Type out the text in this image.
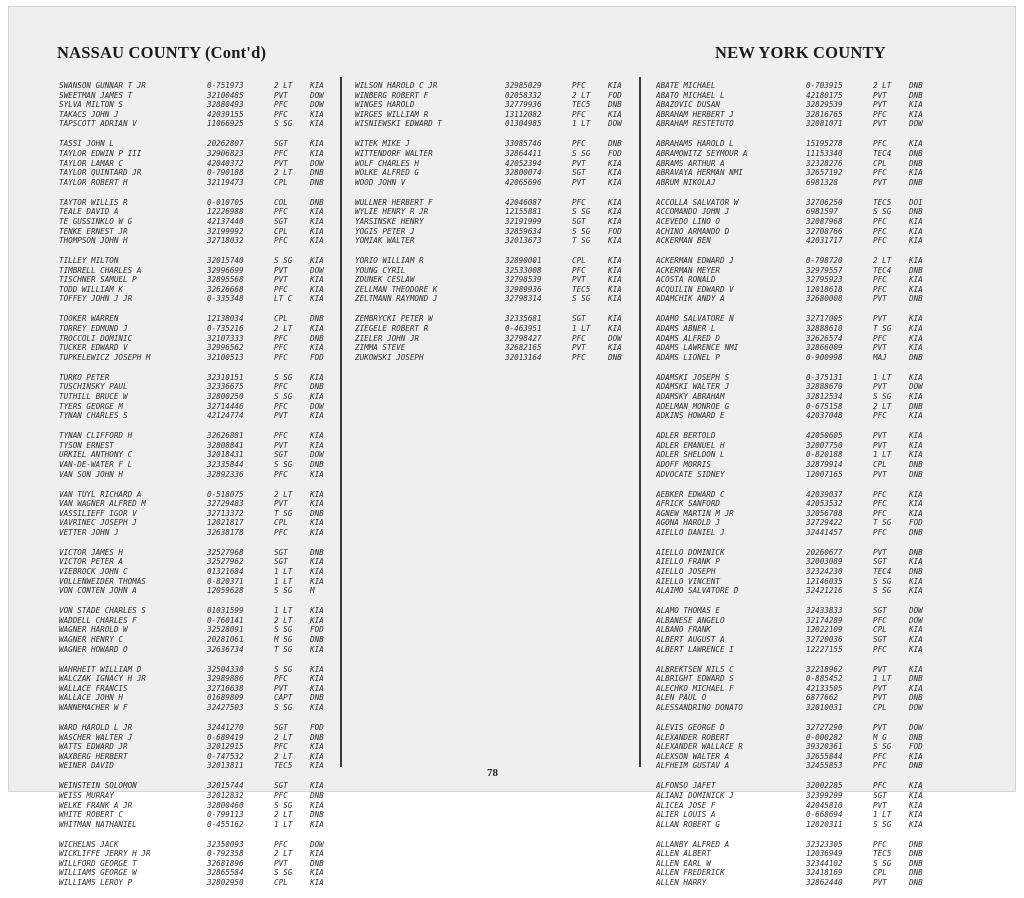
NASSAU COUNTY (Cont'd)	NEW YORK COUNTY
SWANSON GUNNAR T JR	0-751973	2 LT	KIA
SWEETMAN JAMES T	32100485	PVT	DOW
SYLVA MILTON S	32880493	PFC	DOW
TAKACS JOHN J	42039155	PFC	KIA
TAPSCOTT ADRIAN V	11066925	S SG	KIA
TASSI JOHN L	20262807	SGT	KIA
TAYLOR EDWIN P III	32906823	PFC	KIA
TAYLOR LAMAR C	42040372	PVT	DOW
TAYLOR QUINTARD JR	0-790188	2 LT	DNB
TAYLOR ROBERT H	32119473	CPL	DNB
TAYTOR WILLIS R	0-010705	COL	DNB
TEALE DAVID A	12226988	PFC	KIA
TE GUSSINKLO W G	42137440	SGT	KIA
TENKE ERNEST JR	32199992	CPL	KIA
THOMPSON JOHN H	32718032	PFC	KIA
TILLEY MILTON	32015740	S SG	KIA
TIMBRELL CHARLES A	32996699	PVT	DOW
TISCHNER SAMUEL P	32895568	PVT	KIA
TODD WILLIAM K	32626668	PFC	KIA
TOFFEY JOHN J JR	0-335348	LT C	KIA
TOOKER WARREN	12138034	CPL	DNB
TORREY EDMUND J	0-735216	2 LT	KIA
TROCCOLI DOMINIC	32107333	PFC	DNB
TUCKER EDWARD V	32996562	PFC	KIA
TUPKELEWICZ JOSEPH M	32100513	PFC	FOD
TURKO PETER	32310151	S SG	KIA
TUSCHINSKY PAUL	32336675	PFC	DNB
TUTHILL BRUCE W	32800250	S SG	KIA
TYERS GEORGE M	32714446	PFC	DOW
TYNAN CHARLES S	42124774	PVT	KIA
TYNAN CLIFFORD H	32626881	PFC	KIA
TYSON ERNEST	32808841	PVT	KIA
URKIEL ANTHONY C	32018431	SGT	DOW
VAN-DE-WATER F L	32335844	S SG	DNB
VAN SON JOHN H	32892336	PFC	KIA
VAN TUYL RICHARD A	0-518075	2 LT	KIA
VAN WAGNER ALFRED M	32729483	PVT	KIA
VASSILIEFF IGOR V	32713372	T SG	DNB
VAVRINEC JOSEPH J	12021817	CPL	KIA
VETTER JOHN J	32638178	PFC	KIA
VICTOR JAMES H	32527968	SGT	DNB
VICTOR PETER A	32527962	SGT	KIA
VIEBROCK JOHN C	01321684	1 LT	KIA
VOLLENWEIDER THOMAS	0-820371	1 LT	KIA
VON CONTEN JOHN A	12059628	S SG	M
VON STADE CHARLES S	01031599	1 LT	KIA
WADDELL CHARLES F	0-760141	2 LT	KIA
WAGNER HAROLD W	32528091	S SG	FOD
WAGNER HENRY C	20281061	M SG	DNB
WAGNER HOWARD O	32636734	T SG	KIA
WAHRHEIT WILLIAM D	32504330	S SG	KIA
WALCZAK IGNACY H JR	32989886	PFC	KIA
WALLACE FRANCIS	32716638	PVT	KIA
WALLACE JOHN H	01689809	CAPT	DNB
WANNEMACHER W F	32427503	S SG	KIA
WARD HAROLD L JR	32441270	SGT	FOD
WASCHER WALTER J	0-689419	2 LT	DNB
WATTS EDWARD JR	32012915	PFC	KIA
WAXBERG HERBERT	0-747532	2 LT	KIA
WEINER DAVID	32013811	TEC5	KIA
WEINSTEIN SOLOMON	32015744	SGT	KIA
WEISS MURRAY	32012832	PFC	DNB
WELKE FRANK A JR	32800460	S SG	KIA
WHITE ROBERT C	0-799113	2 LT	DNB
WHITMAN NATHANIEL	0-455162	1 LT	KIA
WICHELNS JACK	32350093	PFC	DOW
WICKLIFFE JERRY H JR	0-792358	2 LT	KIA
WILLFORD GEORGE T	32681896	PVT	DNB
WILLIAMS GEORGE W	32865584	S SG	KIA
WILLIAMS LEROY P	32802950	CPL	KIA
WILSON HAROLD C JR	32985029	PFC	KIA
WINBERG ROBERT F	02058332	2 LT	FOD
WINGES HAROLD	32779936	TEC5	DNB
WIRGES WILLIAM R	13112082	PFC	KIA
WISNIEWSKI EDWARD T	01304985	1 LT	DOW
WITEK MIKE J	33085746	PFC	DNB
WITTENDORF WALTER	32864411	S SG	FOD
WOLF CHARLES H	42052394	PVT	KIA
WOLKE ALFRED G	32800074	SGT	KIA
WOOD JOHN V	42065696	PVT	KIA
WULLNER HERBERT F	42046087	PFC	KIA
WYLIE HENRY R JR	12155881	S SG	KIA
YARSINSKE HENRY	32191999	SGT	KIA
YOGIS PETER J	32859634	S SG	FOD
YOMIAK WALTER	32013673	T SG	KIA
YORIO WILLIAM R	32890001	CPL	KIA
YOUNG CYRIL	32533008	PFC	KIA
ZDUNEK CESLAW	32798539	PVT	KIA
ZELLMAN THEODORE K	32989936	TEC5	KIA
ZELTMANN RAYMOND J	32798314	S SG	KIA
ZEMBRYCKI PETER W	32335681	SGT	KIA
ZIEGELE ROBERT R	0-463951	1 LT	KIA
ZIELER JOHN JR	32798427	PFC	DOW
ZIMMA STEVE	32682165	PVT	KIA
ZUKOWSKI JOSEPH	32013164	PFC	DNB
ABATE MICHAEL	0-703915	2 LT	DNB
ABATO MICHAEL L	42180175	PVT	DNB
ABAZOVIC DUSAN	32829539	PVT	KIA
ABRAHAM HERBERT J	32816765	PFC	KIA
ABRAHAM RESTETUTO	32081071	PVT	DOW
ABRAHAMS HAROLD L	15195278	PFC	KIA
ABRAMOWITZ SEYMOUR A	11153340	TEC4	DNB
ABRAMS ARTHUR A	32328276	CPL	DNB
ABRAVAYA HERMAN NMI	32657192	PFC	KIA
ABRUM NIKOLAJ	6981328	PVT	DNB
ACCOLLA SALVATOR W	32706250	TEC5	DOI
ACCOMANDO JOHN J	6981597	S SG	DNB
ACEVEDO LINO O	32087968	PFC	KIA
ACHINO ARMANDO D	32708766	PFC	KIA
ACKERMAN BEN	42031717	PFC	KIA
ACKERMAN EDWARD J	0-798720	2 LT	KIA
ACKERMAN MEYER	32979557	TEC4	DNB
ACOSTA RONALD	32795923	PFC	KIA
ACQUILIN EDWARD V	12018618	PFC	KIA
ADAMCHIK ANDY A	32680008	PVT	DNB
ADAMO SALVATORE N	32717005	PVT	KIA
ADAMS ABNER L	32888610	T SG	KIA
ADAMS ALFRED D	32626574	PFC	KIA
ADAMS LAWRENCE NMI	32866009	PVT	KIA
ADAMS LIONEL P	0-900998	MAJ	DNB
ADAMSKI JOSEPH S	0-375131	1 LT	KIA
ADAMSKI WALTER J	32888670	PVT	DOW
ADAMSKY ABRAHAM	32812534	S SG	KIA
ADELMAN MONROE G	0-675158	2 LT	DNB
ADKINS HOWARD E	42037048	PFC	KIA
ADLER BERTOLD	42050605	PVT	KIA
ADLER EMANUEL H	32007750	PVT	KIA
ADLER SHELDON L	0-820188	1 LT	KIA
ADOFF MORRIS	32879914	CPL	DNB
ADVOCATE SIDNEY	12007165	PVT	DNB
AEBKER EDWARD C	42039037	PFC	KIA
AFRICK SANFORD	42053532	PFC	KIA
AGNEW MARTIN M JR	32056788	PFC	KIA
AGONA HAROLD J	32729422	T SG	FOD
AIELLO DANIEL J	32441457	PFC	DNB
AIELLO DOMINICK	20260677	PVT	DNB
AIELLO FRANK P	32003089	SGT	KIA
AIELLO JOSEPH	32324230	TEC4	DNB
AIELLO VINCENT	12146035	S SG	KIA
ALAIMO SALVATORE D	32421216	S SG	KIA
ALAMO THOMAS E	32433833	SGT	DOW
ALBANESE ANGELO	32174289	PFC	DOW
ALBANO FRANK	12022109	CPL	KIA
ALBERT AUGUST A	32720036	SGT	KIA
ALBERT LAWRENCE I	12227155	PFC	KIA
ALBREKTSEN NILS C	32218962	PVT	KIA
ALBRIGHT EDWARD S	0-885452	1 LT	DNB
ALECHKO MICHAEL F	42133505	PVT	KIA
ALEN PAUL O	6877662	PVT	DNB
ALESSANDRINO DONATO	32010031	CPL	DOW
ALEVIS GEORGE D	32727290	PVT	DOW
ALEXANDER ROBERT	0-000282	M G	DNB
ALEXANDER WALLACE R	39320361	S SG	FOD
ALEXSON WALTER A	32655844	PFC	KIA
ALFHEIM GUSTAV A	32455853	PFC	DNB
ALFONSO JAFET	32002285	PFC	KIA
ALIANI DOMINICK J	32399299	SGT	KIA
ALICEA JOSE F	42045810	PVT	KIA
ALIER LOUIS A	0-668694	1 LT	KIA
ALLAN ROBERT G	12020311	S SG	KIA
ALLANBY ALFRED A	32323305	PFC	DNB
ALLEN ALBERT	12036949	TEC5	DNB
ALLEN EARL W	32344102	S SG	DNB
ALLEN FREDERICK	32418169	CPL	DNB
ALLEN HARRY	32862440	PVT	DNB
78
